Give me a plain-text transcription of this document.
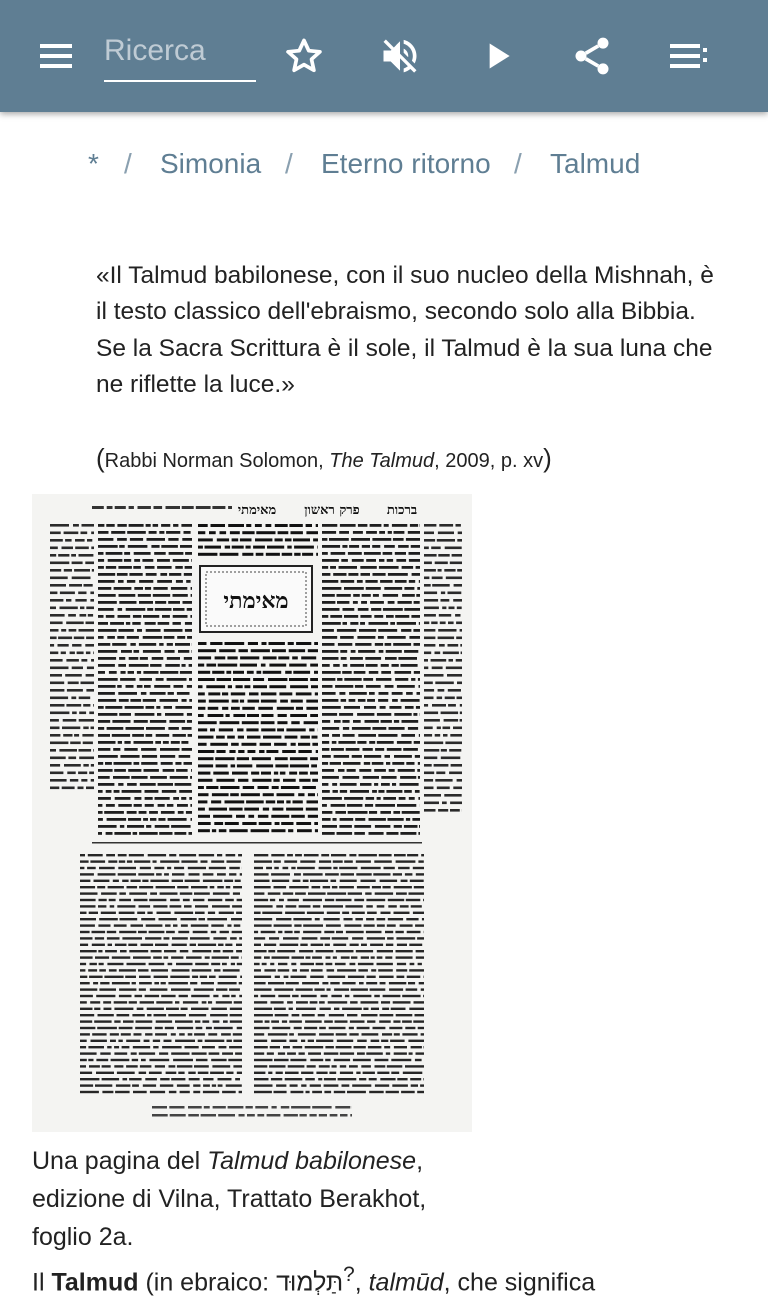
Ricerca
* / Simonia / Eterno ritorno / Talmud
«Il Talmud babilonese, con il suo nucleo della Mishnah, è il testo classico dell'ebraismo, secondo solo alla Bibbia. Se la Sacra Scrittura è il sole, il Talmud è la sua luna che ne riflette la luce.»
(Rabbi Norman Solomon, The Talmud, 2009, p. xv)
מאימתי
פרק ראשון ברכות
מאימתי
Una pagina del Talmud babilonese, edizione di Vilna, Trattato Berakhot, foglio 2a.
Il Talmud (in ebraico: תַּלְמוּד?, talmūd, che significa
